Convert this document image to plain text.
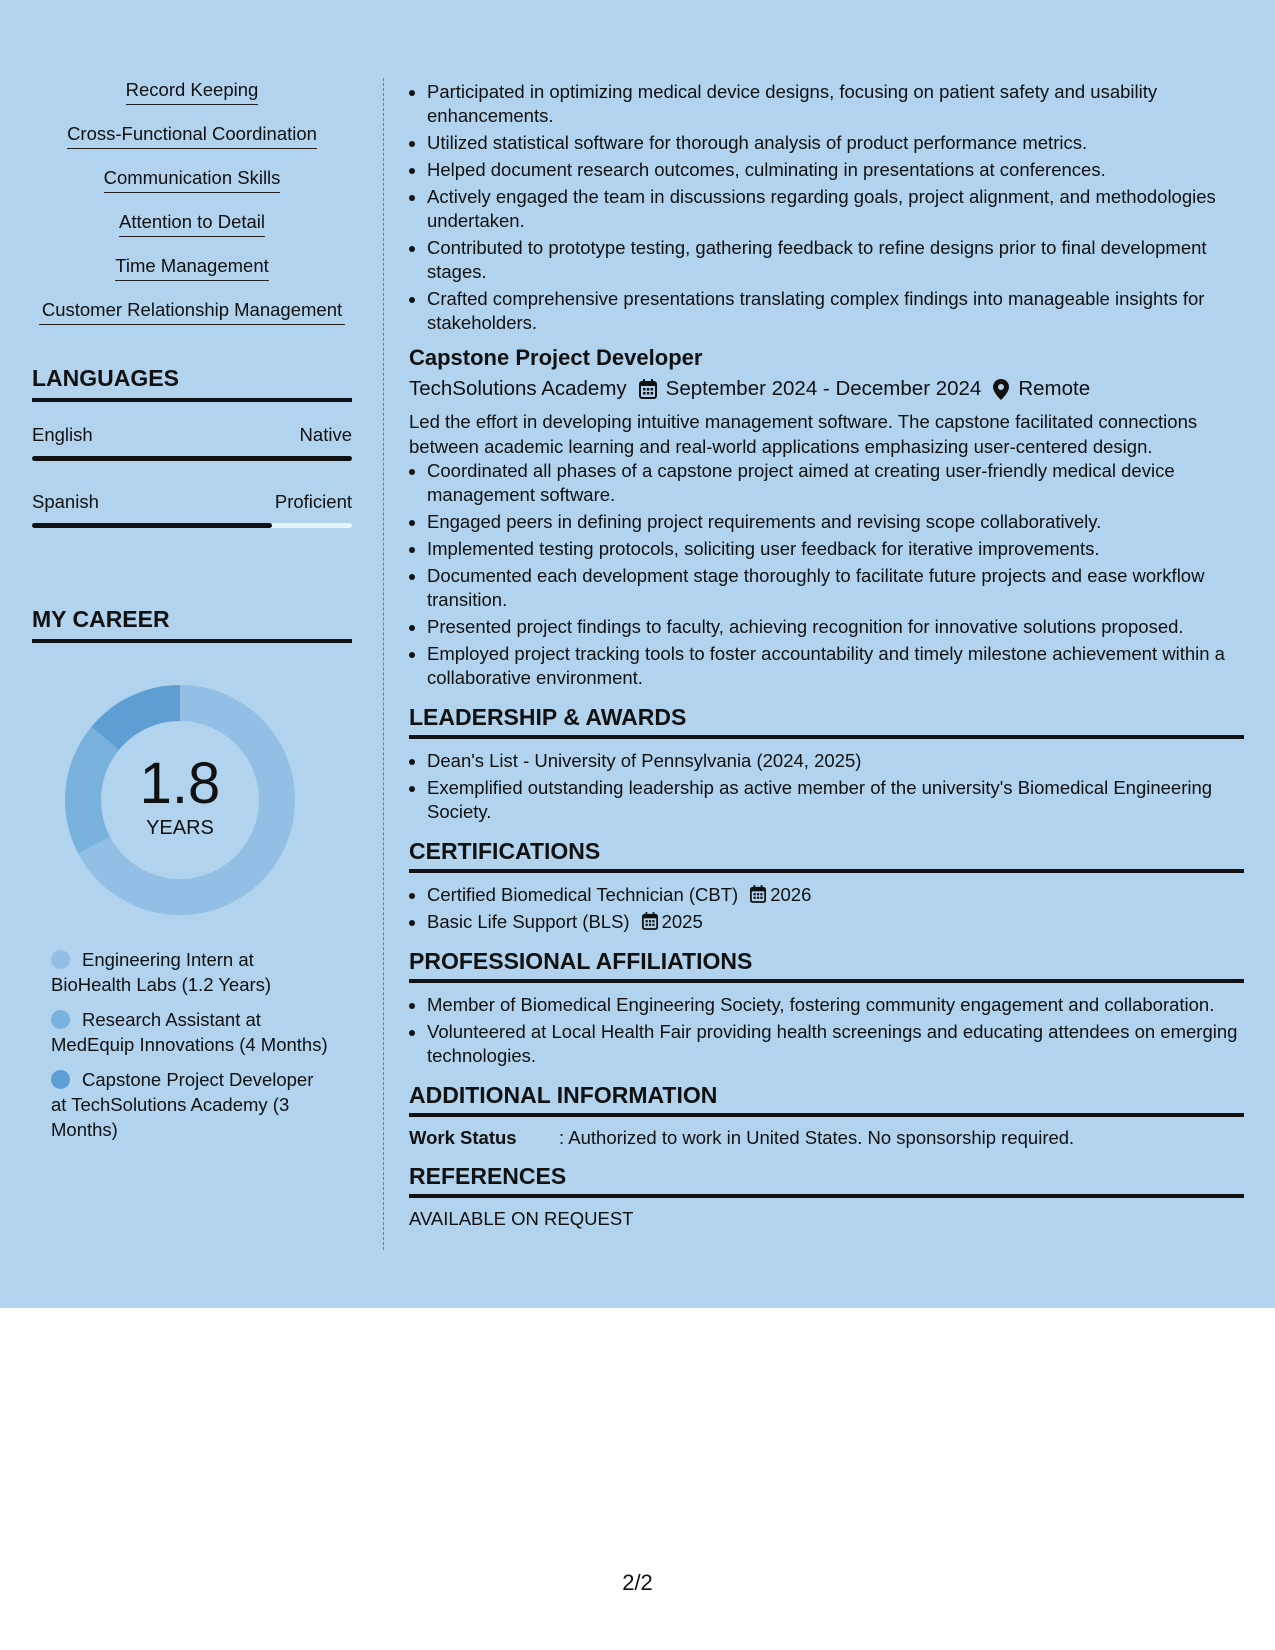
Record Keeping
Cross-Functional Coordination
Communication Skills
Attention to Detail
Time Management
Customer Relationship Management
LANGUAGES
English	Native
Spanish	Proficient
MY CAREER
1.8
YEARS
Engineering Intern at BioHealth Labs (1.2 Years)
Research Assistant at MedEquip Innovations (4 Months)
Capstone Project Developer at TechSolutions Academy (3 Months)
• Participated in optimizing medical device designs, focusing on patient safety and usability enhancements.
• Utilized statistical software for thorough analysis of product performance metrics.
• Helped document research outcomes, culminating in presentations at conferences.
• Actively engaged the team in discussions regarding goals, project alignment, and methodologies undertaken.
• Contributed to prototype testing, gathering feedback to refine designs prior to final development stages.
• Crafted comprehensive presentations translating complex findings into manageable insights for stakeholders.
Capstone Project Developer
TechSolutions Academy September 2024 - December 2024 Remote
Led the effort in developing intuitive management software. The capstone facilitated connections between academic learning and real-world applications emphasizing user-centered design.
• Coordinated all phases of a capstone project aimed at creating user-friendly medical device management software.
• Engaged peers in defining project requirements and revising scope collaboratively.
• Implemented testing protocols, soliciting user feedback for iterative improvements.
• Documented each development stage thoroughly to facilitate future projects and ease workflow transition.
• Presented project findings to faculty, achieving recognition for innovative solutions proposed.
• Employed project tracking tools to foster accountability and timely milestone achievement within a collaborative environment.
LEADERSHIP & AWARDS
• Dean's List - University of Pennsylvania (2024, 2025)
• Exemplified outstanding leadership as active member of the university's Biomedical Engineering Society.
CERTIFICATIONS
• Certified Biomedical Technician (CBT) 2026
• Basic Life Support (BLS) 2025
PROFESSIONAL AFFILIATIONS
• Member of Biomedical Engineering Society, fostering community engagement and collaboration.
• Volunteered at Local Health Fair providing health screenings and educating attendees on emerging technologies.
ADDITIONAL INFORMATION
Work Status	: Authorized to work in United States. No sponsorship required.
REFERENCES
AVAILABLE ON REQUEST
2/2
